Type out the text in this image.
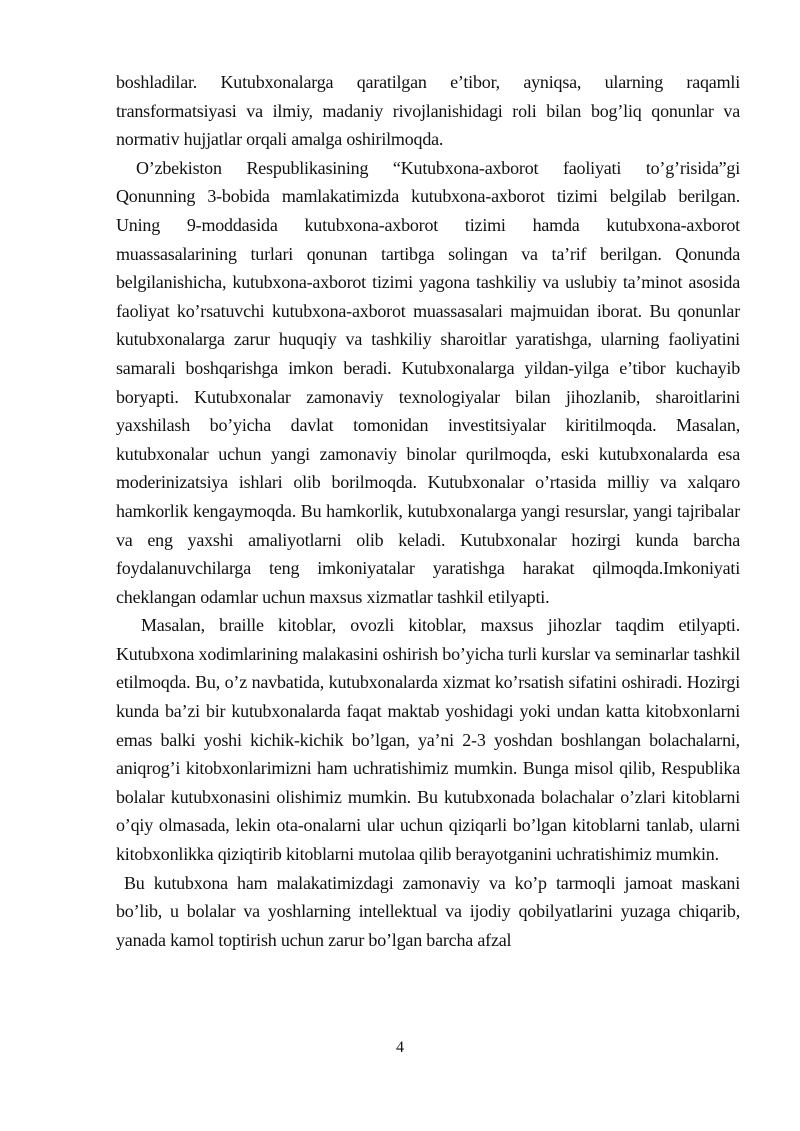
boshladilar. Kutubxonalarga qaratilgan e’tibor, ayniqsa, ularning raqamli transformatsiyasi va ilmiy, madaniy rivojlanishidagi roli bilan bog’liq qonunlar va normativ hujjatlar orqali amalga oshirilmoqda.

O’zbekiston Respublikasining “Kutubxona-axborot faoliyati to’g’risida”gi Qonunning 3-bobida mamlakatimizda kutubxona-axborot tizimi belgilab berilgan. Uning 9-moddasida kutubxona-axborot tizimi hamda kutubxona-axborot muassasalarining turlari qonunan tartibga solingan va ta’rif berilgan. Qonunda belgilanishicha, kutubxona-axborot tizimi yagona tashkiliy va uslubiy ta’minot asosida faoliyat ko’rsatuvchi kutubxona-axborot muassasalari majmuidan iborat. Bu qonunlar kutubxonalarga zarur huquqiy va tashkiliy sharoitlar yaratishga, ularning faoliyatini samarali boshqarishga imkon beradi. Kutubxonalarga yildan-yilga e’tibor kuchayib boryapti. Kutubxonalar zamonaviy texnologiyalar bilan jihozlanib, sharoitlarini yaxshilash bo’yicha davlat tomonidan investitsiyalar kiritilmoqda. Masalan, kutubxonalar uchun yangi zamonaviy binolar qurilmoqda, eski kutubxonalarda esa moderinizatsiya ishlari olib borilmoqda. Kutubxonalar o’rtasida milliy va xalqaro hamkorlik kengaymoqda. Bu hamkorlik, kutubxonalarga yangi resurslar, yangi tajribalar va eng yaxshi amaliyotlarni olib keladi. Kutubxonalar hozirgi kunda barcha foydalanuvchilarga teng imkoniyatalar yaratishga harakat qilmoqda.Imkoniyati cheklangan odamlar uchun maxsus xizmatlar tashkil etilyapti.

Masalan, braille kitoblar, ovozli kitoblar, maxsus jihozlar taqdim etilyapti. Kutubxona xodimlarining malakasini oshirish bo’yicha turli kurslar va seminarlar tashkil etilmoqda. Bu, o’z navbatida, kutubxonalarda xizmat ko’rsatish sifatini oshiradi. Hozirgi kunda ba’zi bir kutubxonalarda faqat maktab yoshidagi yoki undan katta kitobxonlarni emas balki yoshi kichik-kichik bo’lgan, ya’ni 2-3 yoshdan boshlangan bolachalarni, aniqrog’i kitobxonlarimizni ham uchratishimiz mumkin. Bunga misol qilib, Respublika bolalar kutubxonasini olishimiz mumkin. Bu kutubxonada bolachalar o’zlari kitoblarni o’qiy olmasada, lekin ota-onalarni ular uchun qiziqarli bo’lgan kitoblarni tanlab, ularni kitobxonlikka qiziqtirib kitoblarni mutolaa qilib berayotganini uchratishimiz mumkin.

Bu kutubxona ham malakatimizdagi zamonaviy va ko’p tarmoqli jamoat maskani bo’lib, u bolalar va yoshlarning intellektual va ijodiy qobilyatlarini yuzaga chiqarib, yanada kamol toptirish uchun zarur bo’lgan barcha afzal

4
